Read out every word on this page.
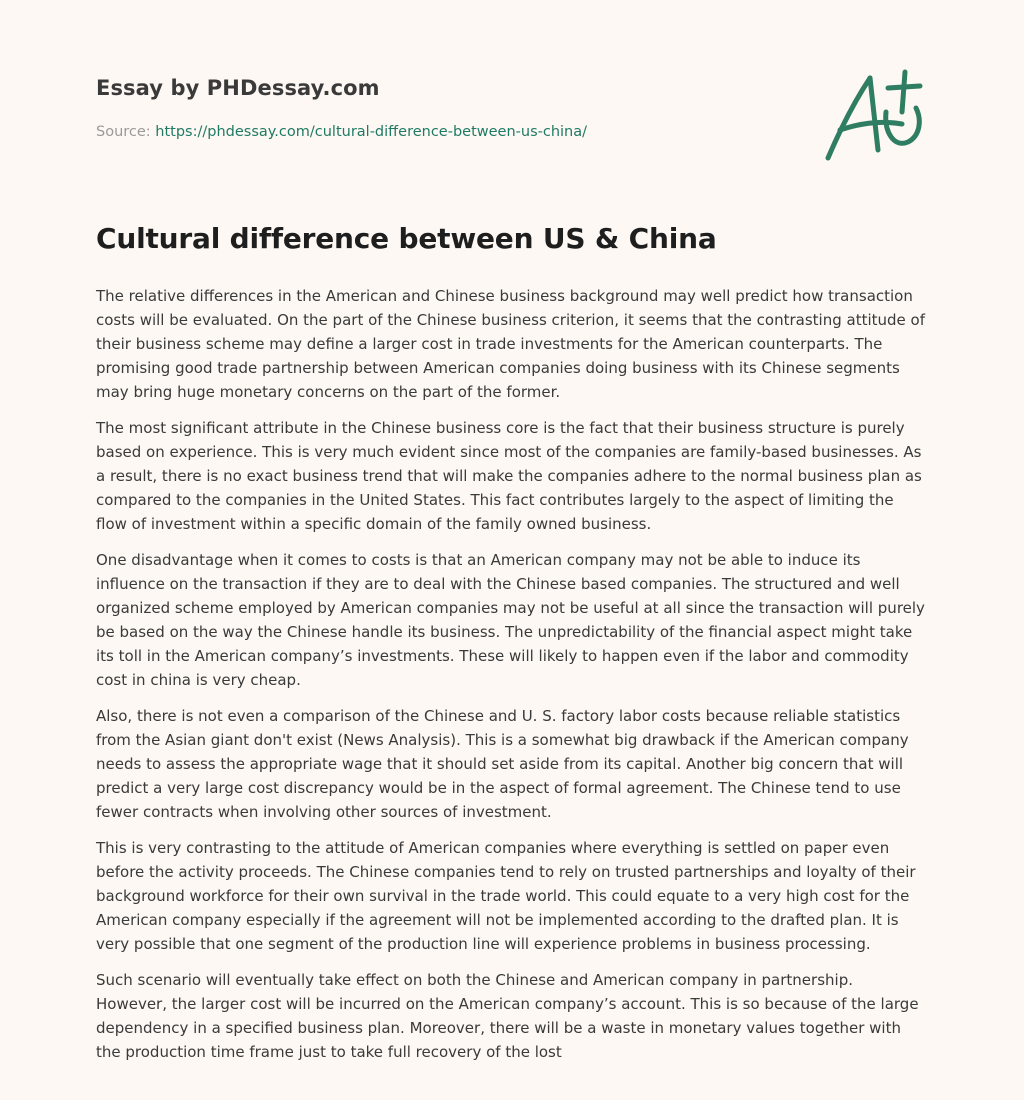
Essay by PHDessay.com

Source: https://phdessay.com/cultural-difference-between-us-china/

Cultural difference between US & China

The relative differences in the American and Chinese business background may well predict how transaction costs will be evaluated. On the part of the Chinese business criterion, it seems that the contrasting attitude of their business scheme may define a larger cost in trade investments for the American counterparts. The promising good trade partnership between American companies doing business with its Chinese segments may bring huge monetary concerns on the part of the former.

The most significant attribute in the Chinese business core is the fact that their business structure is purely based on experience. This is very much evident since most of the companies are family-based businesses. As a result, there is no exact business trend that will make the companies adhere to the normal business plan as compared to the companies in the United States. This fact contributes largely to the aspect of limiting the flow of investment within a specific domain of the family owned business.

One disadvantage when it comes to costs is that an American company may not be able to induce its influence on the transaction if they are to deal with the Chinese based companies. The structured and well organized scheme employed by American companies may not be useful at all since the transaction will purely be based on the way the Chinese handle its business. The unpredictability of the financial aspect might take its toll in the American company’s investments. These will likely to happen even if the labor and commodity cost in china is very cheap.

Also, there is not even a comparison of the Chinese and U. S. factory labor costs because reliable statistics from the Asian giant don't exist (News Analysis). This is a somewhat big drawback if the American company needs to assess the appropriate wage that it should set aside from its capital. Another big concern that will predict a very large cost discrepancy would be in the aspect of formal agreement. The Chinese tend to use fewer contracts when involving other sources of investment.

This is very contrasting to the attitude of American companies where everything is settled on paper even before the activity proceeds. The Chinese companies tend to rely on trusted partnerships and loyalty of their background workforce for their own survival in the trade world. This could equate to a very high cost for the American company especially if the agreement will not be implemented according to the drafted plan. It is very possible that one segment of the production line will experience problems in business processing.

Such scenario will eventually take effect on both the Chinese and American company in partnership. However, the larger cost will be incurred on the American company’s account. This is so because of the large dependency in a specified business plan. Moreover, there will be a waste in monetary values together with the production time frame just to take full recovery of the lost
